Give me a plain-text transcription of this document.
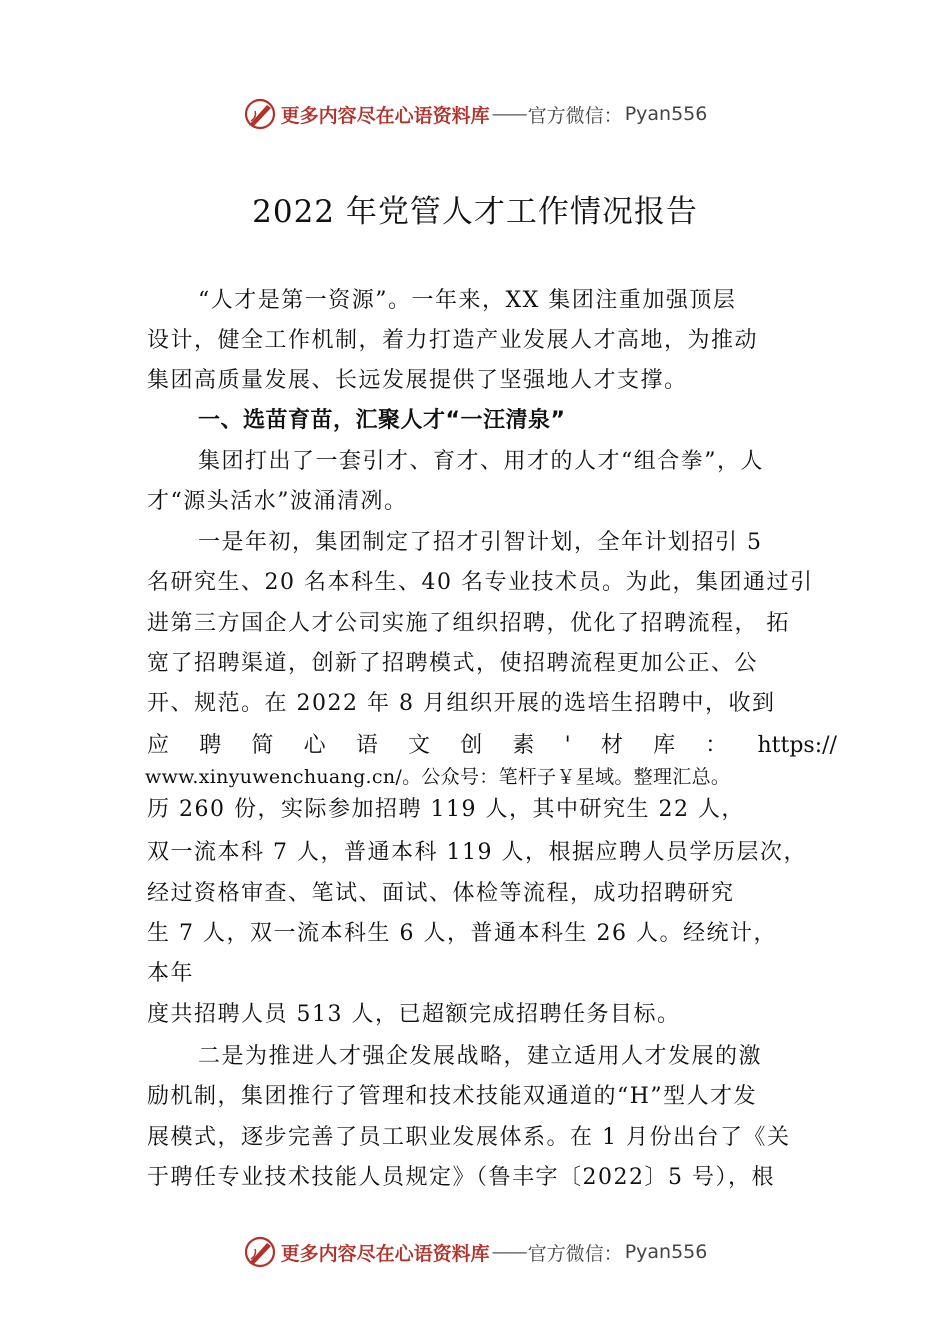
更多内容尽在心语资料库 —— 官方微信： Pyan556
2022 年党管人才工作情况报告
“人才是第一资源”。一年来，XX 集团注重加强顶层
设计，健全工作机制，着力打造产业发展人才高地，为推动
集团高质量发展、长远发展提供了坚强地人才支撑。
一、选苗育苗，汇聚人才“一汪清泉”
集团打出了一套引才、育才、用才的人才“组合拳”，人
才“源头活水”波涌清冽。
一是年初，集团制定了招才引智计划，全年计划招引 5
名研究生、20 名本科生、40 名专业技术员。为此，集团通过引
进第三方国企人才公司实施了组织招聘，优化了招聘流程， 拓
宽了招聘渠道，创新了招聘模式，使招聘流程更加公正、公
开、规范。在 2022 年 8 月组织开展的选培生招聘中，收到
应 聘 简 心 语 文 创 素 ' 材 库 ： https://
www.xinyuwenchuang.cn/。公众号：笔杆子￥星域。整理汇总。
历 260 份，实际参加招聘 119 人，其中研究生 22 人，
双一流本科 7 人，普通本科 119 人，根据应聘人员学历层次，
经过资格审查、笔试、面试、体检等流程，成功招聘研究
生 7 人，双一流本科生 6 人，普通本科生 26 人。经统计，
本年
度共招聘人员 513 人，已超额完成招聘任务目标。
二是为推进人才强企发展战略，建立适用人才发展的激
励机制，集团推行了管理和技术技能双通道的“H”型人才发
展模式，逐步完善了员工职业发展体系。在 1 月份出台了《关
于聘任专业技术技能人员规定》（鲁丰字〔2022〕5 号），根
更多内容尽在心语资料库 —— 官方微信： Pyan556
